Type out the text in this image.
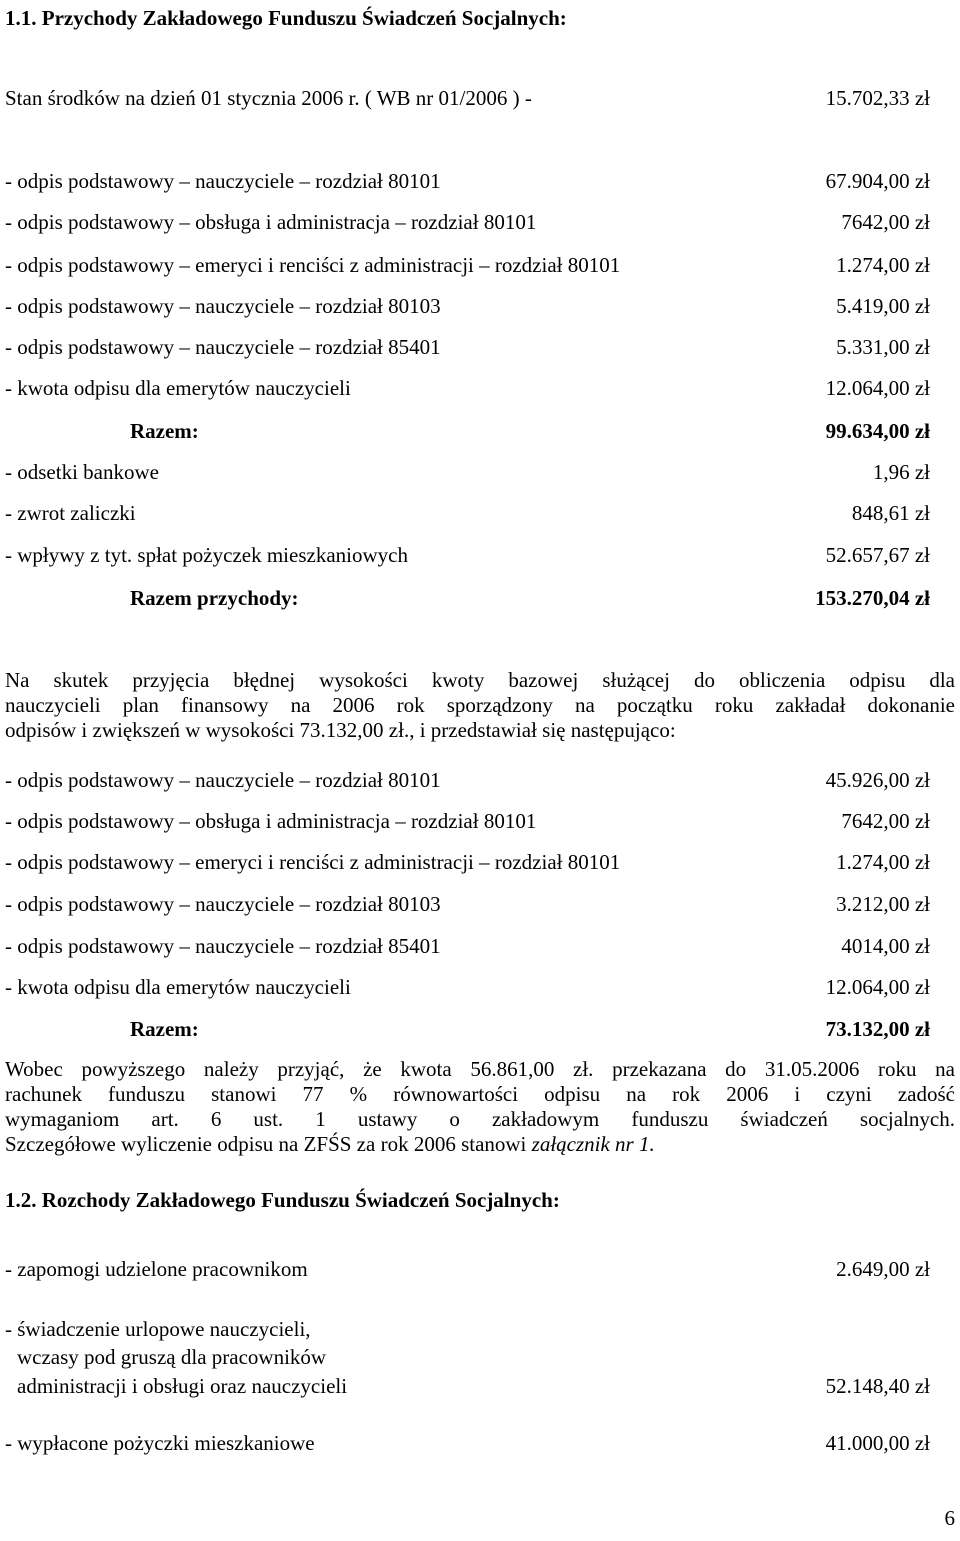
1.1. Przychody Zakładowego Funduszu Świadczeń Socjalnych:
Stan środków na dzień 01 stycznia 2006 r. ( WB nr 01/2006 ) -	15.702,33 zł
- odpis podstawowy – nauczyciele – rozdział 80101	67.904,00 zł
- odpis podstawowy – obsługa i administracja – rozdział 80101	7642,00 zł
- odpis podstawowy – emeryci i renciści z administracji – rozdział 80101	1.274,00 zł
- odpis podstawowy – nauczyciele – rozdział 80103	5.419,00 zł
- odpis podstawowy – nauczyciele – rozdział 85401	5.331,00 zł
- kwota odpisu dla emerytów nauczycieli	12.064,00 zł
Razem:	99.634,00 zł
- odsetki bankowe	1,96 zł
- zwrot zaliczki	848,61 zł
- wpływy z tyt. spłat pożyczek mieszkaniowych	52.657,67 zł
Razem przychody:	153.270,04 zł
Na skutek przyjęcia błędnej wysokości kwoty bazowej służącej do obliczenia odpisu dla
nauczycieli plan finansowy na 2006 rok sporządzony na początku roku zakładał dokonanie
odpisów i zwiększeń w wysokości 73.132,00 zł., i przedstawiał się następująco:
- odpis podstawowy – nauczyciele – rozdział 80101	45.926,00 zł
- odpis podstawowy – obsługa i administracja – rozdział 80101	7642,00 zł
- odpis podstawowy – emeryci i renciści z administracji – rozdział 80101	1.274,00 zł
- odpis podstawowy – nauczyciele – rozdział 80103	3.212,00 zł
- odpis podstawowy – nauczyciele – rozdział 85401	4014,00 zł
- kwota odpisu dla emerytów nauczycieli	12.064,00 zł
Razem:	73.132,00 zł
Wobec powyższego należy przyjąć, że kwota 56.861,00 zł. przekazana do 31.05.2006 roku na
rachunek funduszu stanowi 77 % równowartości odpisu na rok 2006 i czyni zadość
wymaganiom art. 6 ust. 1 ustawy o zakładowym funduszu świadczeń socjalnych.
Szczegółowe wyliczenie odpisu na ZFŚS za rok 2006 stanowi załącznik nr 1.
1.2. Rozchody Zakładowego Funduszu Świadczeń Socjalnych:
- zapomogi udzielone pracownikom	2.649,00 zł
- świadczenie urlopowe nauczycieli,
wczasy pod gruszą dla pracowników
administracji i obsługi oraz nauczycieli	52.148,40 zł
- wypłacone pożyczki mieszkaniowe	41.000,00 zł
6
